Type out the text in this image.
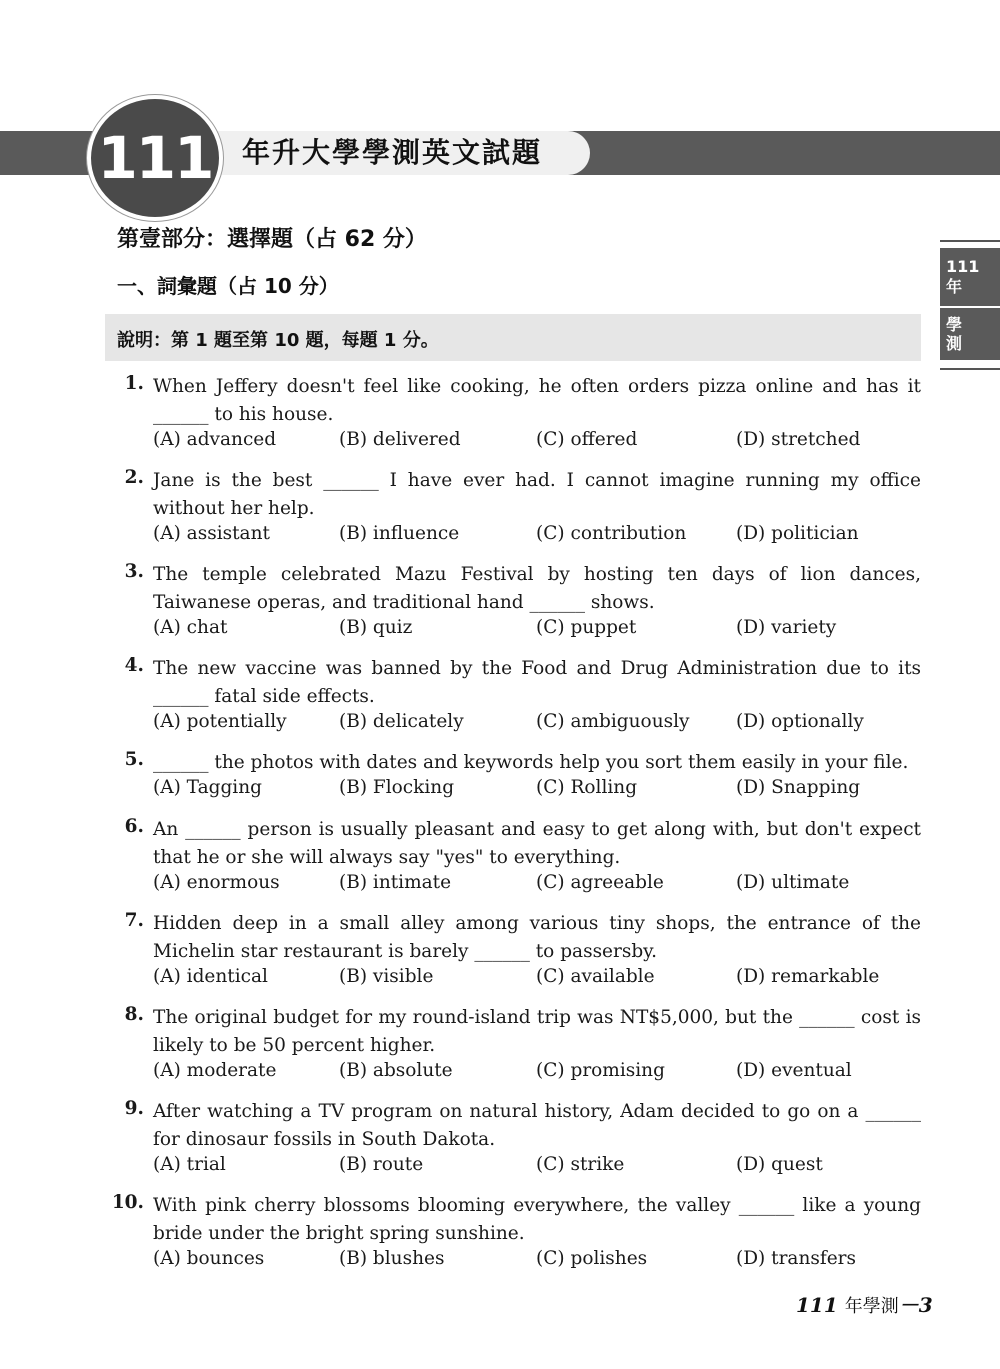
年升大學學測英文試題
111
111
年
學
測
第壹部分：選擇題（占 62 分）
一、詞彙題（占 10 分）
說明：第 1 題至第 10 題，每題 1 分。
1. When Jeffery doesn't feel like cooking, he often orders pizza online and has it ______ to his house.
(A) advanced	(B) delivered	(C) offered	(D) stretched
2. Jane is the best ______ I have ever had. I cannot imagine running my office without her help.
(A) assistant	(B) influence	(C) contribution	(D) politician
3. The temple celebrated Mazu Festival by hosting ten days of lion dances, Taiwanese operas, and traditional hand ______ shows.
(A) chat	(B) quiz	(C) puppet	(D) variety
4. The new vaccine was banned by the Food and Drug Administration due to its ______ fatal side effects.
(A) potentially	(B) delicately	(C) ambiguously	(D) optionally
5. ______ the photos with dates and keywords help you sort them easily in your file.
(A) Tagging	(B) Flocking	(C) Rolling	(D) Snapping
6. An ______ person is usually pleasant and easy to get along with, but don't expect that he or she will always say "yes" to everything.
(A) enormous	(B) intimate	(C) agreeable	(D) ultimate
7. Hidden deep in a small alley among various tiny shops, the entrance of the Michelin star restaurant is barely ______ to passersby.
(A) identical	(B) visible	(C) available	(D) remarkable
8. The original budget for my round-island trip was NT$5,000, but the ______ cost is likely to be 50 percent higher.
(A) moderate	(B) absolute	(C) promising	(D) eventual
9. After watching a TV program on natural history, Adam decided to go on a ______ for dinosaur fossils in South Dakota.
(A) trial	(B) route	(C) strike	(D) quest
10. With pink cherry blossoms blooming everywhere, the valley ______ like a young bride under the bright spring sunshine.
(A) bounces	(B) blushes	(C) polishes	(D) transfers
111 年學測－3
